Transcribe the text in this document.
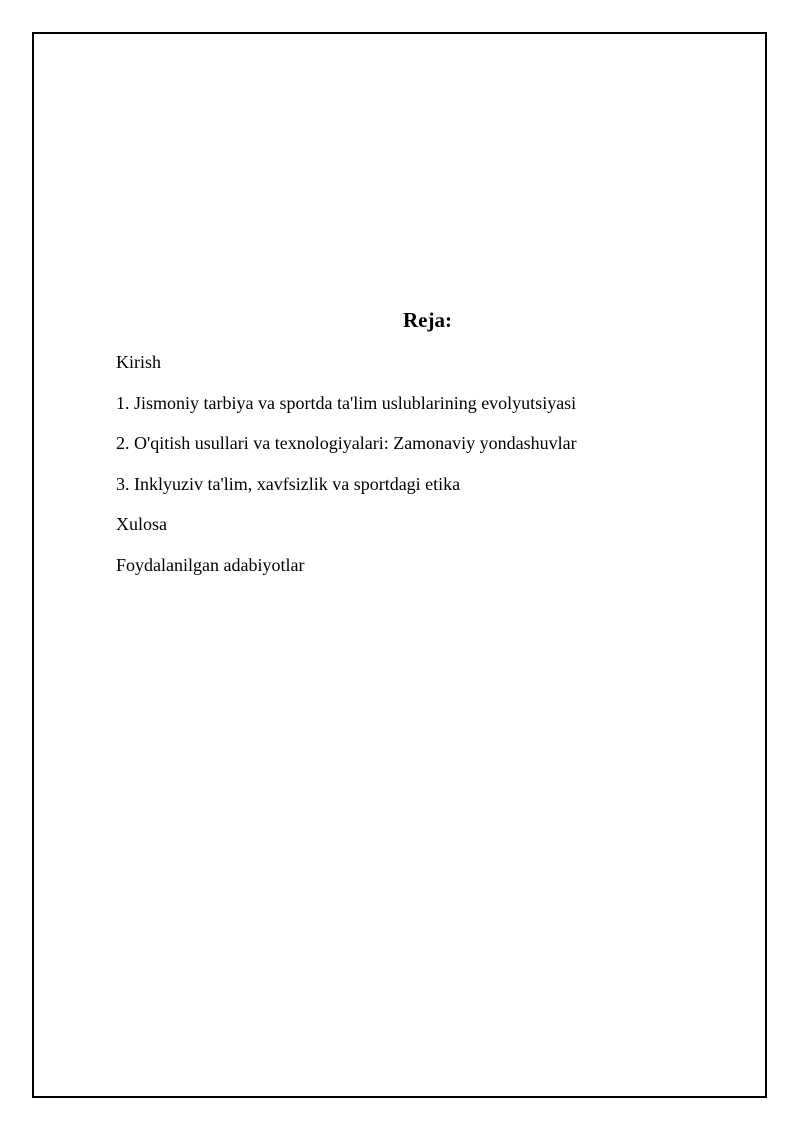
Reja:
Kirish
1. Jismoniy tarbiya va sportda ta'lim uslublarining evolyutsiyasi
2. O'qitish usullari va texnologiyalari: Zamonaviy yondashuvlar
3. Inklyuziv ta'lim, xavfsizlik va sportdagi etika
Xulosa
Foydalanilgan adabiyotlar
